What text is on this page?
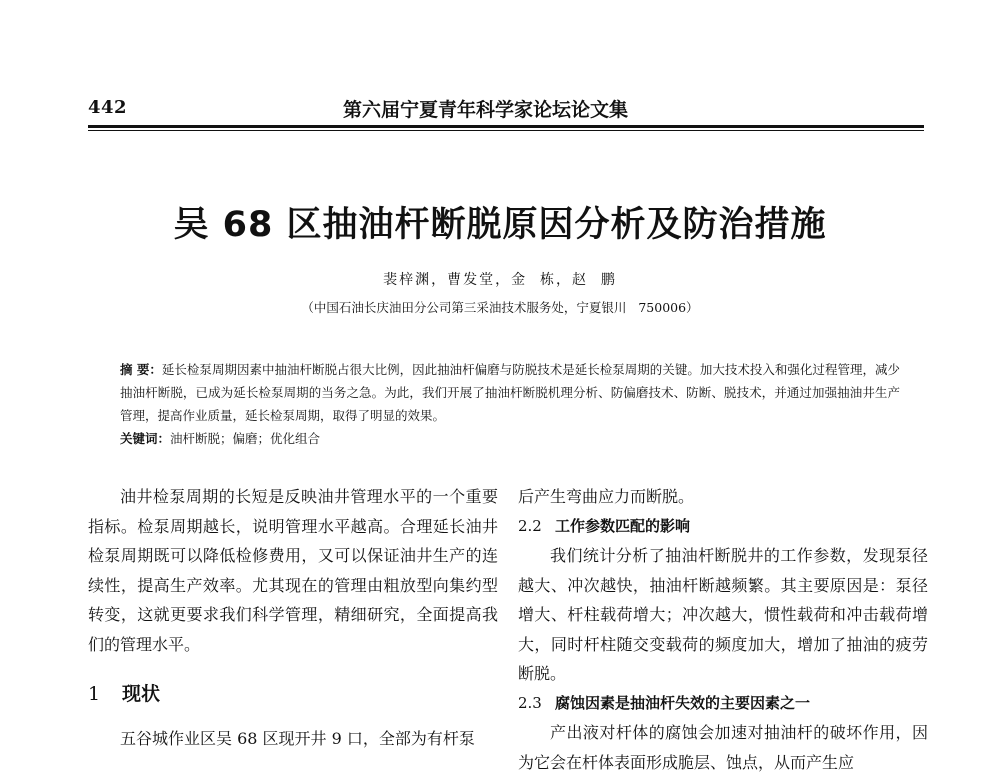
442	第六届宁夏青年科学家论坛论文集
吴 68 区抽油杆断脱原因分析及防治措施
裴梓渊，曹发堂，金  栋，赵  鹏
（中国石油长庆油田分公司第三采油技术服务处，宁夏银川   750006）

摘 要：延长检泵周期因素中抽油杆断脱占很大比例，因此抽油杆偏磨与防脱技术是延长检泵周期的关键。加大技术投入和强化过程管理，减少抽油杆断脱，已成为延长检泵周期的当务之急。为此，我们开展了抽油杆断脱机理分析、防偏磨技术、防断、脱技术，并通过加强抽油井生产管理，提高作业质量，延长检泵周期，取得了明显的效果。

关键词：油杆断脱；偏磨；优化组合

油井检泵周期的长短是反映油井管理水平的一个重要指标。检泵周期越长，说明管理水平越高。合理延长油井检泵周期既可以降低检修费用，又可以保证油井生产的连续性，提高生产效率。尤其现在的管理由粗放型向集约型转变，这就更要求我们科学管理，精细研究，全面提高我们的管理水平。

1 现状

五谷城作业区吴 68 区现开井 9 口，全部为有杆泵

后产生弯曲应力而断脱。

2.2 工作参数匹配的影响

我们统计分析了抽油杆断脱井的工作参数，发现泵径越大、冲次越快，抽油杆断越频繁。其主要原因是：泵径增大、杆柱载荷增大；冲次越大，惯性载荷和冲击载荷增大，同时杆柱随交变载荷的频度加大，增加了抽油的疲劳断脱。

2.3 腐蚀因素是抽油杆失效的主要因素之一

产出液对杆体的腐蚀会加速对抽油杆的破坏作用，因为它会在杆体表面形成脆层、蚀点，从而产生应
